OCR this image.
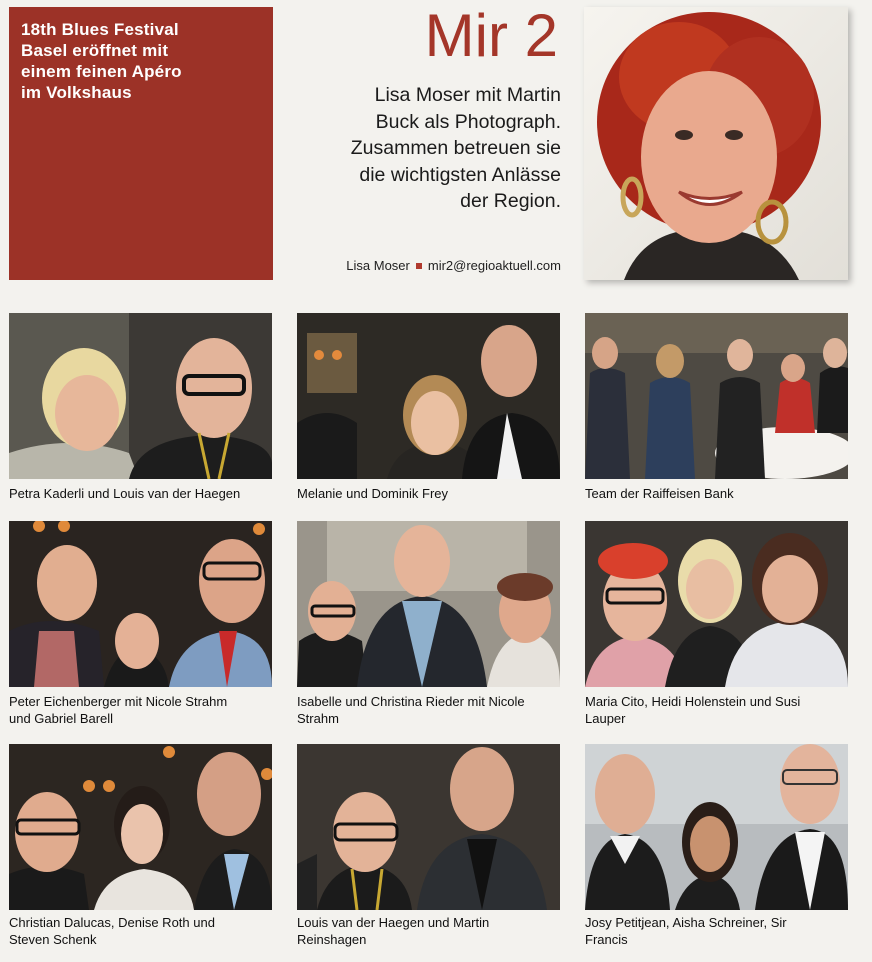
18th Blues Festival
Basel eröffnet mit
einem feinen Apéro
im Volkshaus
Mir 2
Lisa Moser mit Martin
Buck als Photograph.
Zusammen betreuen sie
die wichtigsten Anlässe
der Region.
Lisa Moser mir2@regioaktuell.com
Petra Kaderli und Louis van der Haegen	Melanie und Dominik Frey	Team der Raiffeisen Bank
Peter Eichenberger mit Nicole Strahm
und Gabriel Barell
Isabelle und Christina Rieder mit Nicole
Strahm
Maria Cito, Heidi Holenstein und Susi
Lauper
Christian Dalucas, Denise Roth und
Steven Schenk
Louis van der Haegen und Martin
Reinshagen
Josy Petitjean, Aisha Schreiner, Sir
Francis
